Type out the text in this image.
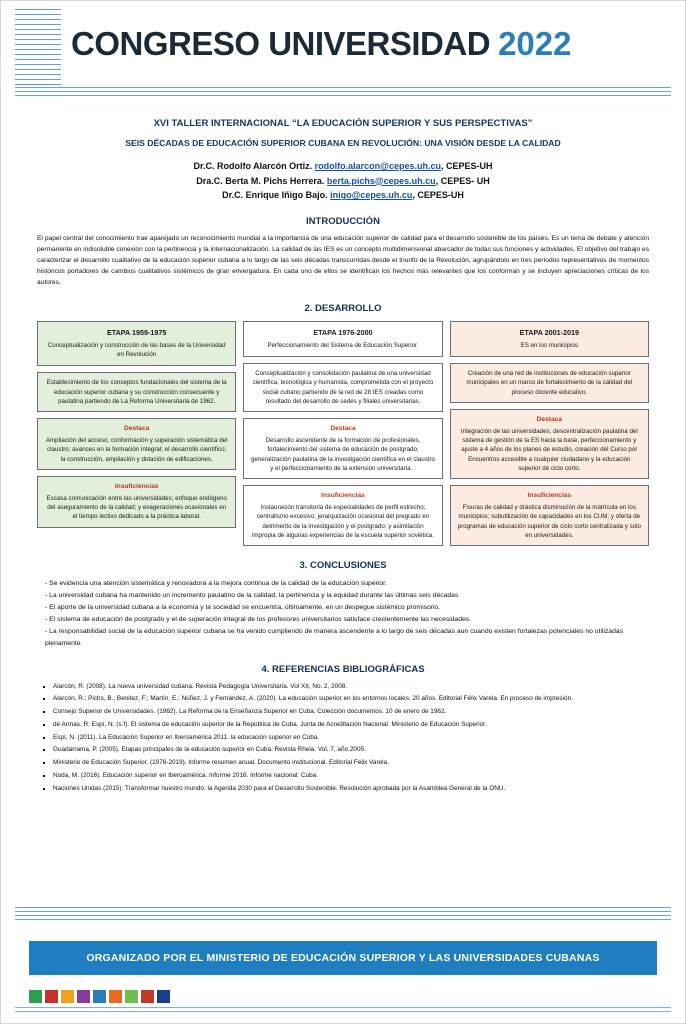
CONGRESO UNIVERSIDAD 2022
XVI TALLER INTERNACIONAL “LA EDUCACIÓN SUPERIOR Y SUS PERSPECTIVAS”
SEIS DÉCADAS DE EDUCACIÓN SUPERIOR CUBANA EN REVOLUCIÓN: UNA VISIÓN DESDE LA CALIDAD
Dr.C. Rodolfo Alarcón Ortiz. rodolfo.alarcon@cepes.uh.cu, CEPES-UH
Dra.C. Berta M. Pichs Herrera. berta.pichs@cepes.uh.cu, CEPES- UH
Dr.C. Enrique Iñigo Bajo. inigo@cepes.uh.cu, CEPES-UH
INTRODUCCIÓN
El papel central del conocimiento trae aparejado un reconocimiento mundial a la importancia de una educación superior de calidad para el desarrollo sostenible de los países. Es un tema de debate y atención permanente en indisoluble conexión con la pertinencia y la internacionalización. La calidad de las IES es un concepto multidimensional abarcador de todas sus funciones y actividades. El objetivo del trabajo es caracterizar el desarrollo cualitativo de la educación superior cubana a lo largo de las seis décadas transcurridas desde el triunfo de la Revolución, agrupándolo en tres períodos representativos de momentos históricos portadores de cambios cualitativos sistémicos de gran envergadura. En cada uno de ellos se identifican los hechos más relevantes que los conforman y se incluyen apreciaciones críticas de los autores.
2. DESARROLLO
ETAPA 1959-1975
Conceptualización y construcción de las bases de la Universidad en Revolución

Establecimiento de los conceptos fundacionales del sistema de la educación superior cubana y su construcción consecuente y paulatina partiendo de La Reforma Universitaria de 1962.

Destaca

Ampliación del acceso; conformación y superación sistemática del claustro; avances en la formación integral; el desarrollo científico; la construcción, ampliación y dotación de edificaciones.

Insuficiencias

Escasa comunicación entre las universidades; enfoque endógeno del aseguramiento de la calidad; y exageraciones ocasionales en el tiempo lectivo dedicado a la práctica laboral.

ETAPA 1976-2000
Perfeccionamiento del Sistema de Educación Superior.

Conceptualización y consolidación paulatina de una universidad científica, tecnológica y humanista, comprometida con el proyecto social cubano partiendo de la red de 28 IES creadas como resultado del desarrollo de sedes y filiales universitarias.

Destaca

Desarrollo ascendente de la formación de profesionales, fortalecimiento del sistema de educación de postgrado, generalización paulatina de la investigación científica en el claustro y el perfeccionamiento de la extensión universitaria. .

Insuficiencias

Instauración transitoria de especialidades de perfil estrecho; centralismo excesivo; jerarquización ocasional del pregrado en detrimento de la investigación y el postgrado; y asimilación impropia de algunas experiencias de la escuela superior soviética.

ETAPA 2001-2019
ES en los municipios

Creación de una red de instituciones de educación superior municipales en un marco de fortalecimiento de la calidad del proceso docente educativo.

Destaca

Integración de las universidades, descentralización paulatina del sistema de gestión de la ES hacia la base, perfeccionamiento y ajuste a 4 años de los planes de estudio, creación del Curso por Encuentros accesible a cualquier ciudadano y la educación superior de ciclo corto.

Insuficiencias

Fisuras de calidad y drástica disminución de la matrícula en los municipios; subutilización de capacidades en los CUM; y oferta de programas de educación superior de ciclo corto centralizada y solo en universidades.

3. CONCLUSIONES
- Se evidencia una atención sistemática y renovadora a la mejora continua de la calidad de la educación superior.
- La universidad cubana ha mantenido un incremento paulatino de la calidad, la pertinencia y la equidad durante las últimas seis décadas
- El aporte de la universidad cubana a la economía y la sociedad se encuentra, últimamente, en un despegue sistémico promisorio.
- El sistema de educación de postgrado y el de superación integral de los profesores universitarios satisface crecientemente las necesidades.
- La responsabilidad social de la educación superior cubana se ha venido cumpliendo de manera ascendente a lo largo de seis décadas aun cuando existen fortalezas potenciales no utilizadas plenamente.
4. REFERENCIAS BIBLIOGRÁFICAS
▪ Alarcón, R. (2008). La nueva universidad cubana. Revista Pedagogía Universitaria. Vol XII, No. 2, 2008.
▪ Alarcón, R.; Pichs, B.; Benitez, F.; Martín, E.; Núñez, J. y Fernández, A. (2020). La educación superior en los entornos locales. 20 años. Editorial Félix Varela. En proceso de impresión.
▪ Consejo Superior de Universidades. (1962). La Reforma de la Enseñanza Superior en Cuba. Colección documentos. 10 de enero de 1962.
▪ de Armas, R; Espí, N. (s.f). El sistema de educación superior de la República de Cuba. Junta de Acreditación Nacional. Ministerio de Educación Superior.
▪ Espí, N. (2011). La Educación Superior en Iberoamérica 2011: la educación superior en Cuba.
▪ Guadarrama, P. (2005). Etapas principales de la educación superior en Cuba. Revista Rhela. Vol. 7, año 2005.
▪ Ministerio de Educación Superior. (1976-2019). Informe resumen anual. Documento institucional. Editorial Félix Varela.
▪ Noda, M. (2016). Educación superior en Iberoamérica. Informe 2016. Informe nacional: Cuba.
▪ Naciones Unidas (2015). Transformar nuestro mundo: la Agenda 2030 para el Desarrollo Sostenible. Resolución aprobada por la Asamblea General de la ONU.
ORGANIZADO POR EL MINISTERIO DE EDUCACIÓN SUPERIOR Y LAS UNIVERSIDADES CUBANAS
